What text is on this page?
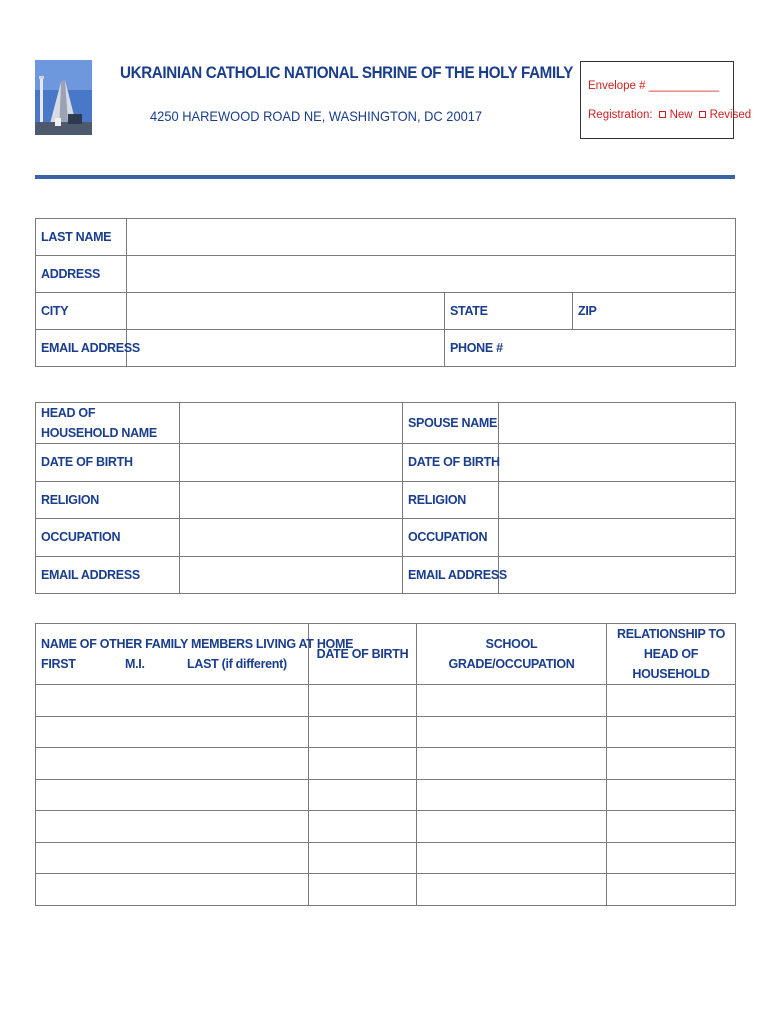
UKRAINIAN CATHOLIC NATIONAL SHRINE OF THE HOLY FAMILY
4250 HAREWOOD ROAD NE, WASHINGTON, DC 20017
Envelope # ___________
Registration: New Revised
LAST NAME			
ADDRESS			
CITY		STATE	ZIP
EMAIL ADDRESS		PHONE #	
HEAD OF HOUSEHOLD NAME		SPOUSE NAME	
DATE OF BIRTH		DATE OF BIRTH	
RELIGION		RELIGION	
OCCUPATION		OCCUPATION	
EMAIL ADDRESS		EMAIL ADDRESS	
NAME OF OTHER FAMILY MEMBERS LIVING AT HOME
FIRST M.I. LAST (if different)	DATE OF BIRTH	SCHOOL GRADE/OCCUPATION	RELATIONSHIP TO HEAD OF HOUSEHOLD
